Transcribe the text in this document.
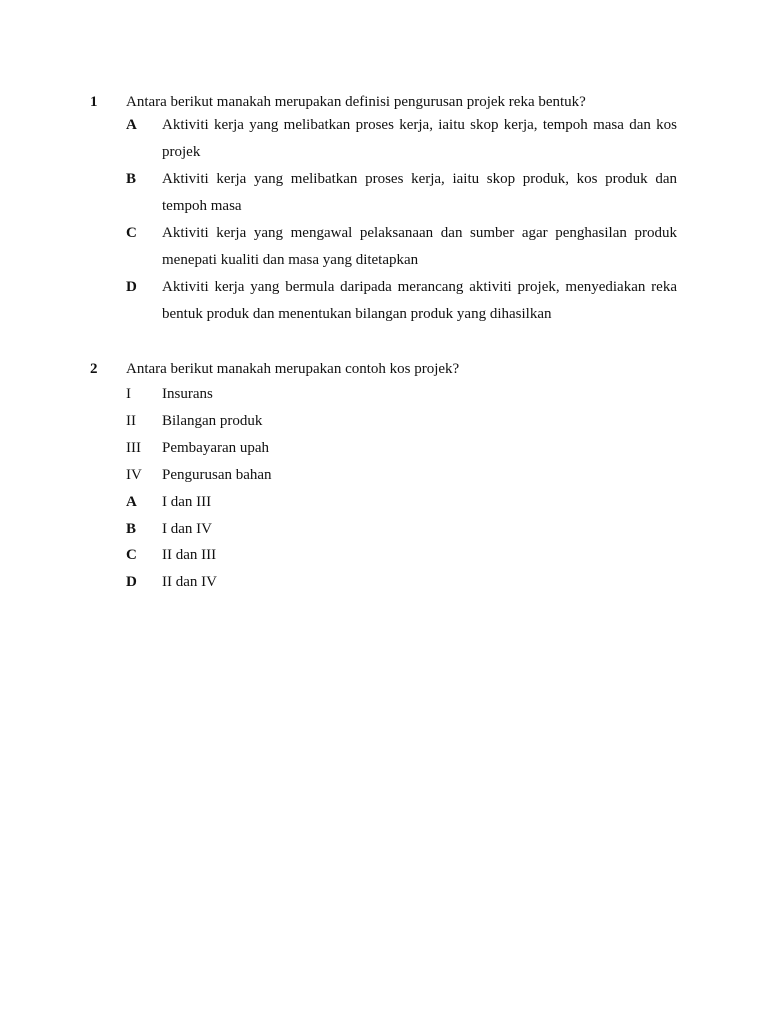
1 Antara berikut manakah merupakan definisi pengurusan projek reka bentuk?
A Aktiviti kerja yang melibatkan proses kerja, iaitu skop kerja, tempoh masa dan kos projek
B Aktiviti kerja yang melibatkan proses kerja, iaitu skop produk, kos produk dan tempoh masa
C Aktiviti kerja yang mengawal pelaksanaan dan sumber agar penghasilan produk menepati kualiti dan masa yang ditetapkan
D Aktiviti kerja yang bermula daripada merancang aktiviti projek, menyediakan reka bentuk produk dan menentukan bilangan produk yang dihasilkan
2 Antara berikut manakah merupakan contoh kos projek?
I Insurans
II Bilangan produk
III Pembayaran upah
IV Pengurusan bahan
A I dan III
B I dan IV
C II dan III
D II dan IV
